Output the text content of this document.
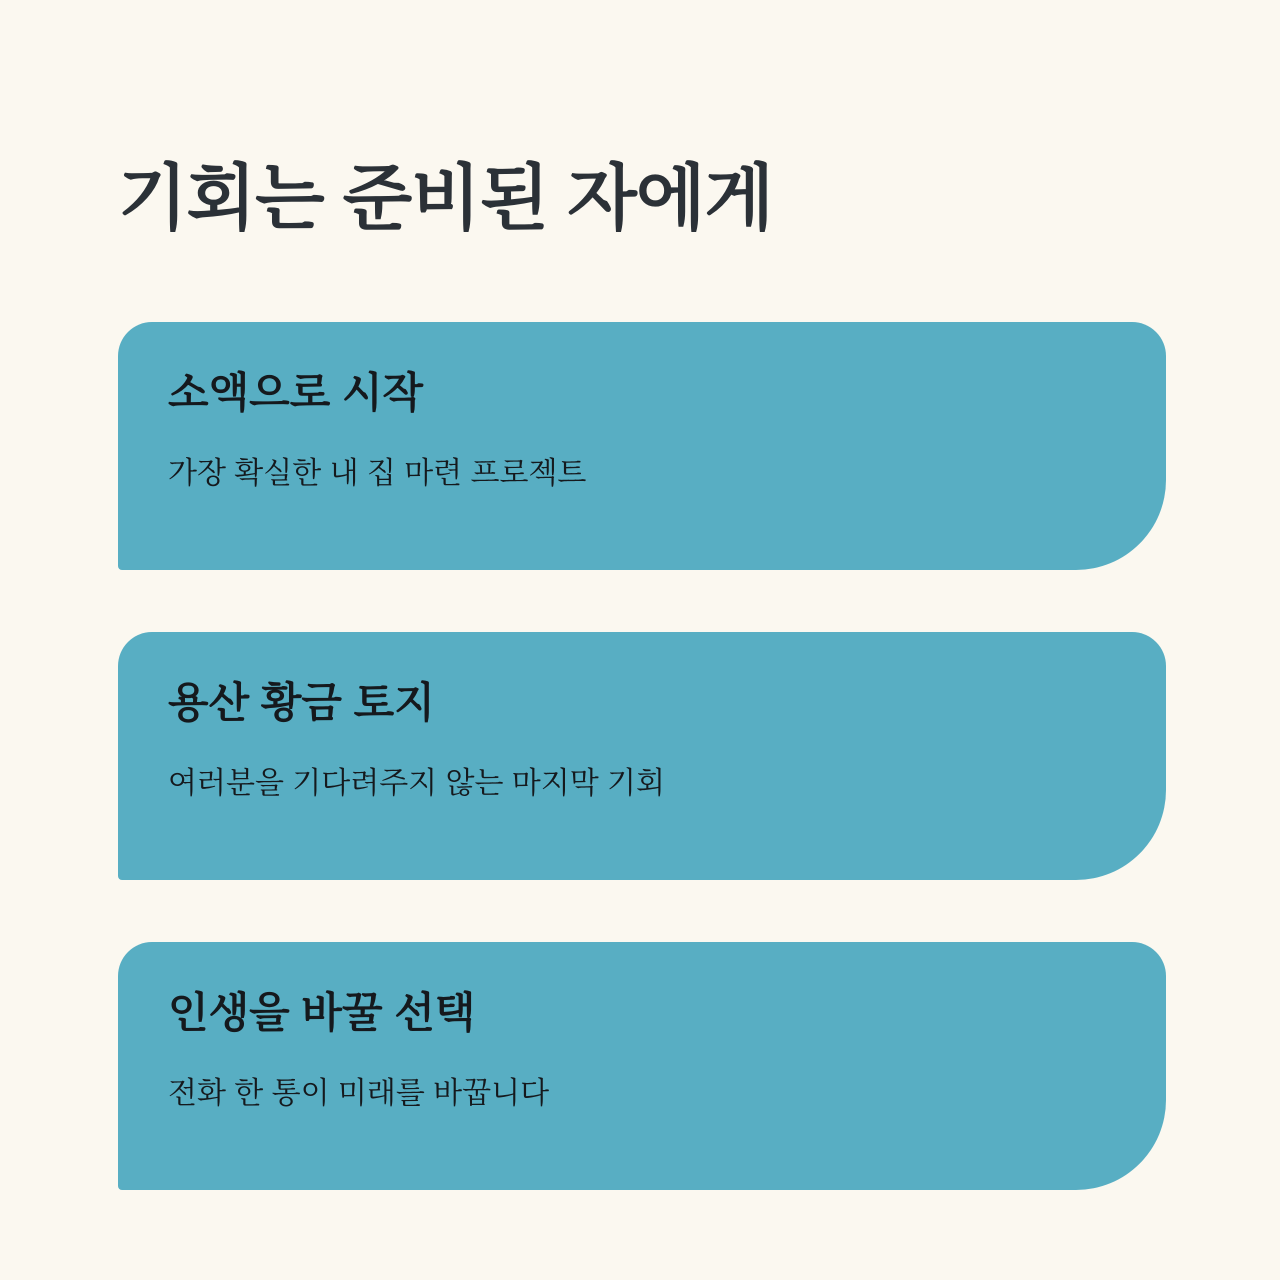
기회는 준비된 자에게
소액으로 시작
가장 확실한 내 집 마련 프로젝트
용산 황금 토지
여러분을 기다려주지 않는 마지막 기회
인생을 바꿀 선택
전화 한 통이 미래를 바꿉니다
